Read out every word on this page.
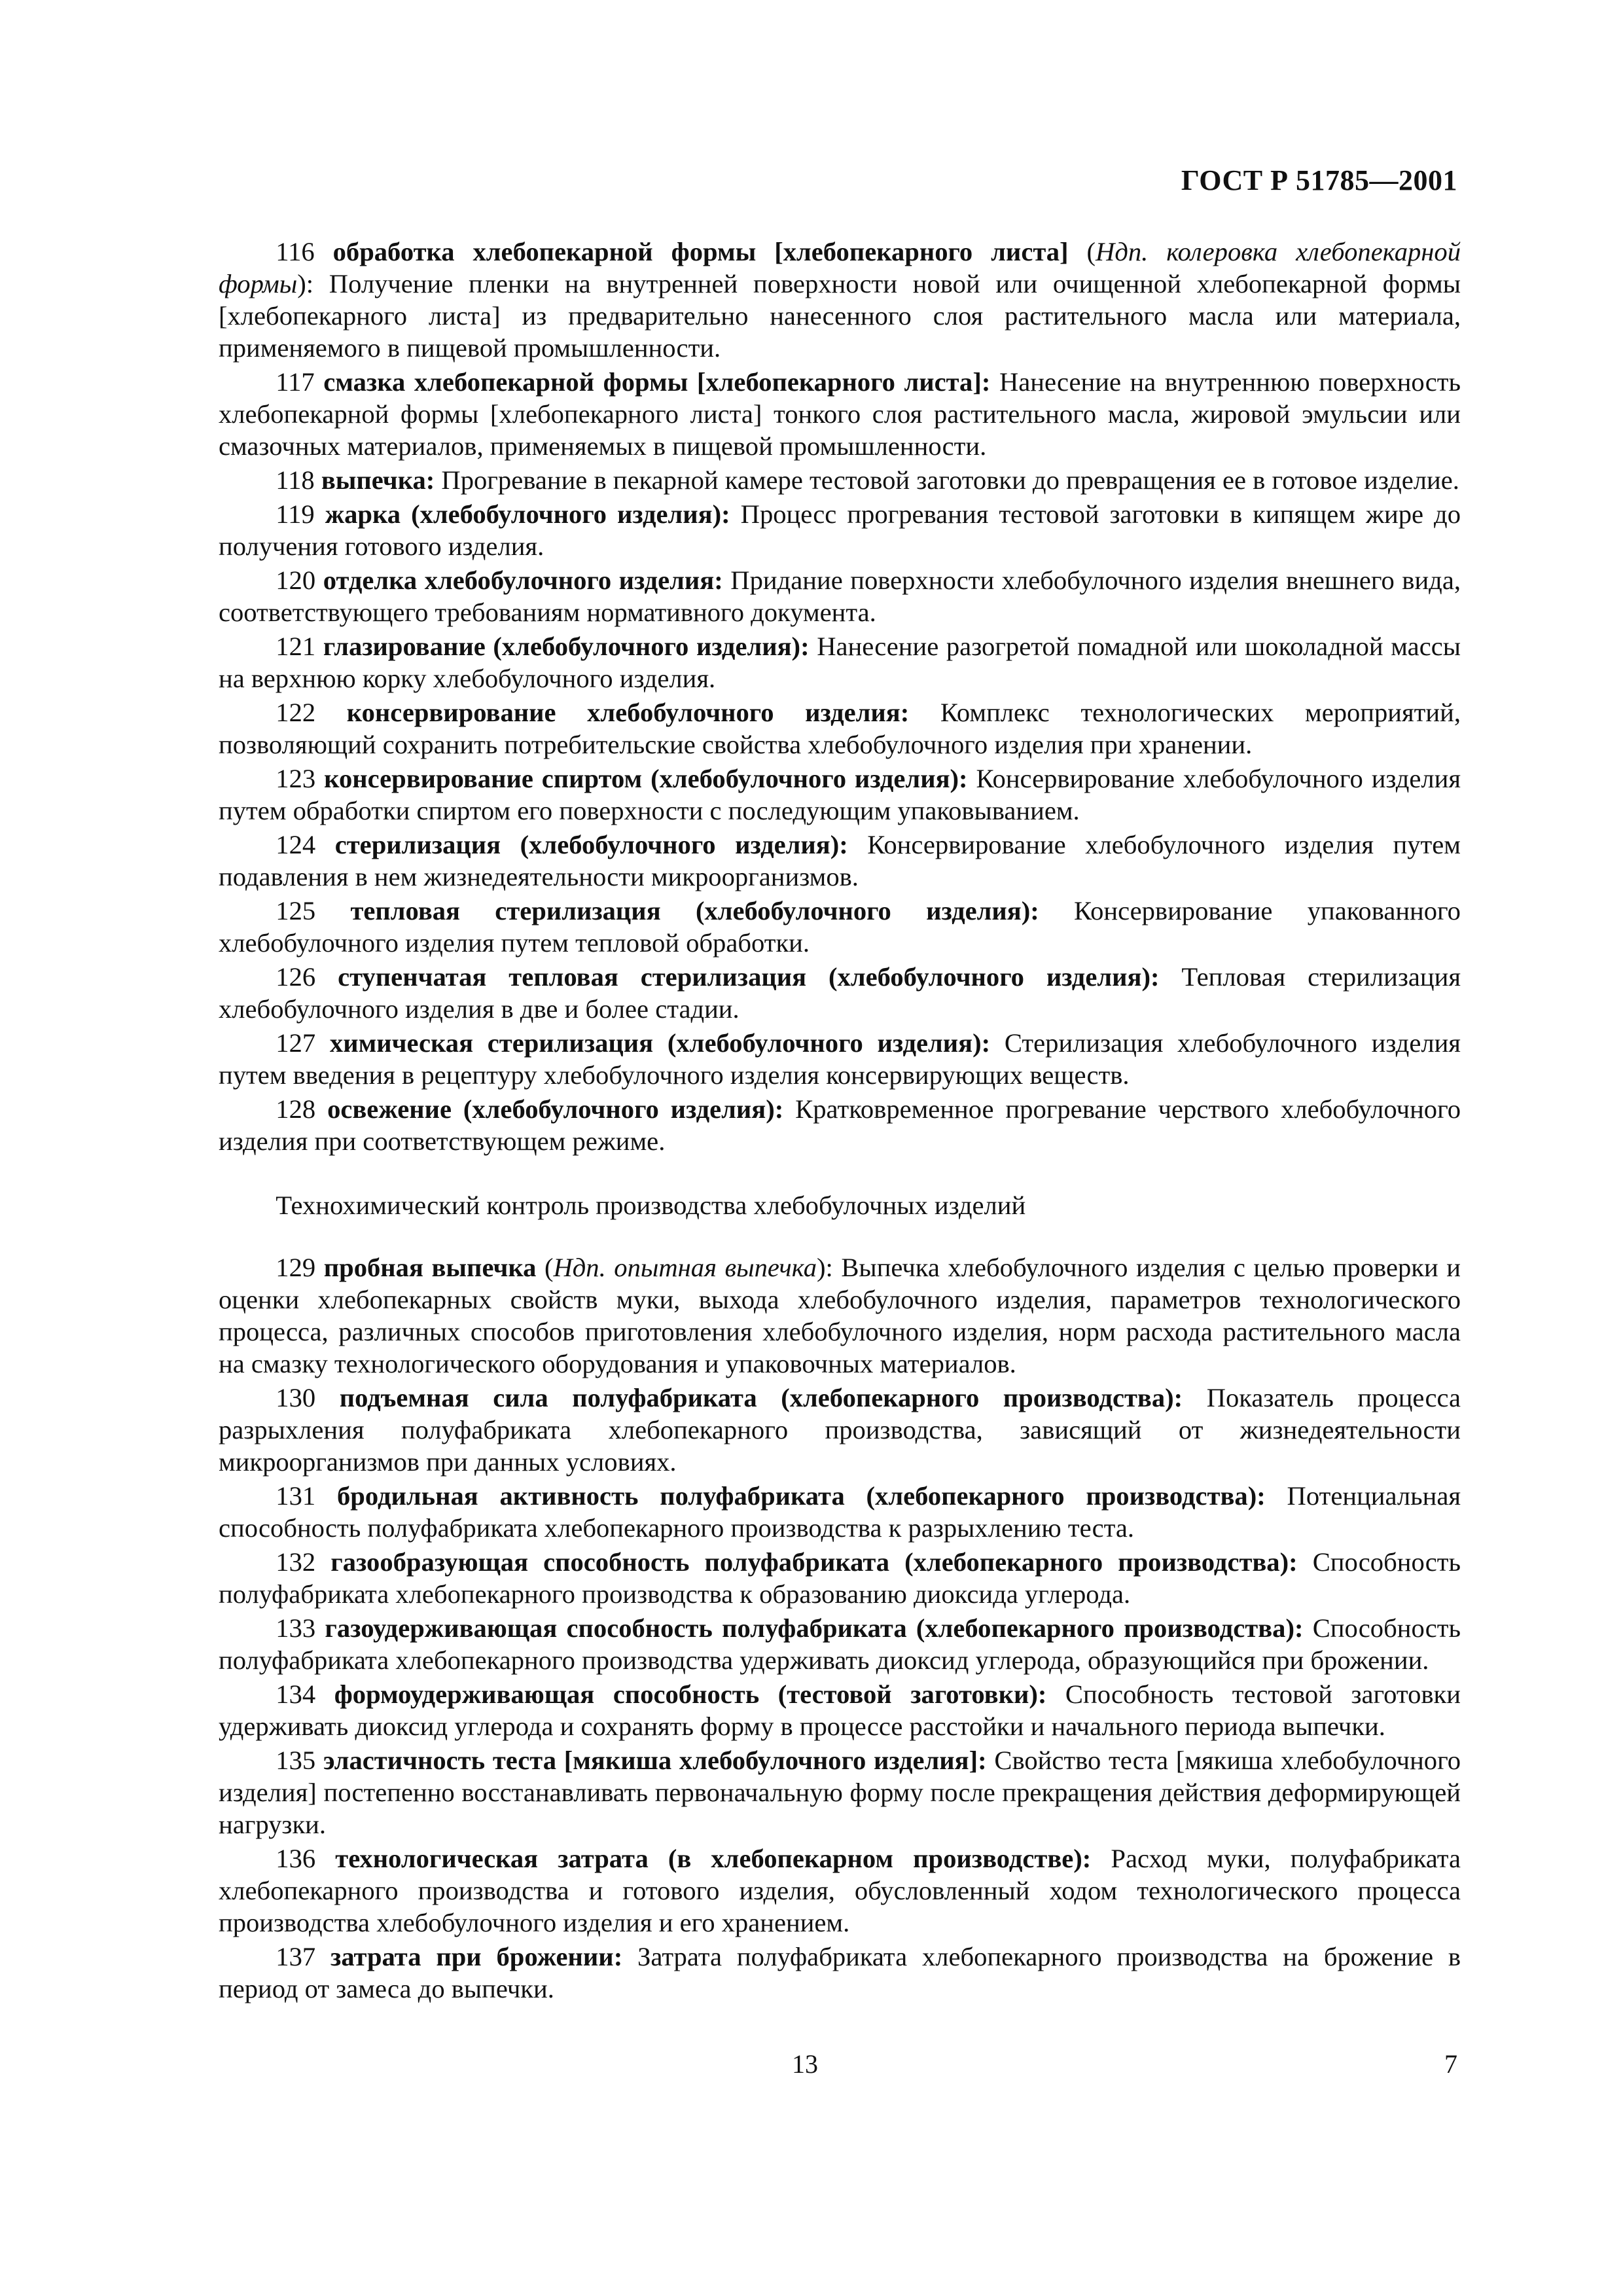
ГОСТ Р 51785—2001

116 обработка хлебопекарной формы [хлебопекарного листа] (Ндп. колеровка хлебопекарной формы): Получение пленки на внутренней поверхности новой или очищенной хлебопекарной формы [хлебопекарного листа] из предварительно нанесенного слоя растительного масла или материала, применяемого в пищевой промышленности.

117 смазка хлебопекарной формы [хлебопекарного листа]: Нанесение на внутреннюю поверхность хлебопекарной формы [хлебопекарного листа] тонкого слоя растительного масла, жировой эмульсии или смазочных материалов, применяемых в пищевой промышленности.

118 выпечка: Прогревание в пекарной камере тестовой заготовки до превращения ее в готовое изделие.

119 жарка (хлебобулочного изделия): Процесс прогревания тестовой заготовки в кипящем жире до получения готового изделия.

120 отделка хлебобулочного изделия: Придание поверхности хлебобулочного изделия внешнего вида, соответствующего требованиям нормативного документа.

121 глазирование (хлебобулочного изделия): Нанесение разогретой помадной или шоколадной массы на верхнюю корку хлебобулочного изделия.

122 консервирование хлебобулочного изделия: Комплекс технологических мероприятий, позволяющий сохранить потребительские свойства хлебобулочного изделия при хранении.

123 консервирование спиртом (хлебобулочного изделия): Консервирование хлебобулочного изделия путем обработки спиртом его поверхности с последующим упаковыванием.

124 стерилизация (хлебобулочного изделия): Консервирование хлебобулочного изделия путем подавления в нем жизнедеятельности микроорганизмов.

125 тепловая стерилизация (хлебобулочного изделия): Консервирование упакованного хлебобулочного изделия путем тепловой обработки.

126 ступенчатая тепловая стерилизация (хлебобулочного изделия): Тепловая стерилизация хлебобулочного изделия в две и более стадии.

127 химическая стерилизация (хлебобулочного изделия): Стерилизация хлебобулочного изделия путем введения в рецептуру хлебобулочного изделия консервирующих веществ.

128 освежение (хлебобулочного изделия): Кратковременное прогревание черствого хлебобулочного изделия при соответствующем режиме.

Технохимический контроль производства хлебобулочных изделий

129 пробная выпечка (Ндп. опытная выпечка): Выпечка хлебобулочного изделия с целью проверки и оценки хлебопекарных свойств муки, выхода хлебобулочного изделия, параметров технологического процесса, различных способов приготовления хлебобулочного изделия, норм расхода растительного масла на смазку технологического оборудования и упаковочных материалов.

130 подъемная сила полуфабриката (хлебопекарного производства): Показатель процесса разрыхления полуфабриката хлебопекарного производства, зависящий от жизнедеятельности микроорганизмов при данных условиях.

131 бродильная активность полуфабриката (хлебопекарного производства): Потенциальная способность полуфабриката хлебопекарного производства к разрыхлению теста.

132 газообразующая способность полуфабриката (хлебопекарного производства): Способность полуфабриката хлебопекарного производства к образованию диоксида углерода.

133 газоудерживающая способность полуфабриката (хлебопекарного производства): Способность полуфабриката хлебопекарного производства удерживать диоксид углерода, образующийся при брожении.

134 формоудерживающая способность (тестовой заготовки): Способность тестовой заготовки удерживать диоксид углерода и сохранять форму в процессе расстойки и начального периода выпечки.

135 эластичность теста [мякиша хлебобулочного изделия]: Свойство теста [мякиша хлебобулочного изделия] постепенно восстанавливать первоначальную форму после прекращения действия деформирующей нагрузки.

136 технологическая затрата (в хлебопекарном производстве): Расход муки, полуфабриката хлебопекарного производства и готового изделия, обусловленный ходом технологического процесса производства хлебобулочного изделия и его хранением.

137 затрата при брожении: Затрата полуфабриката хлебопекарного производства на брожение в период от замеса до выпечки.

13	7
